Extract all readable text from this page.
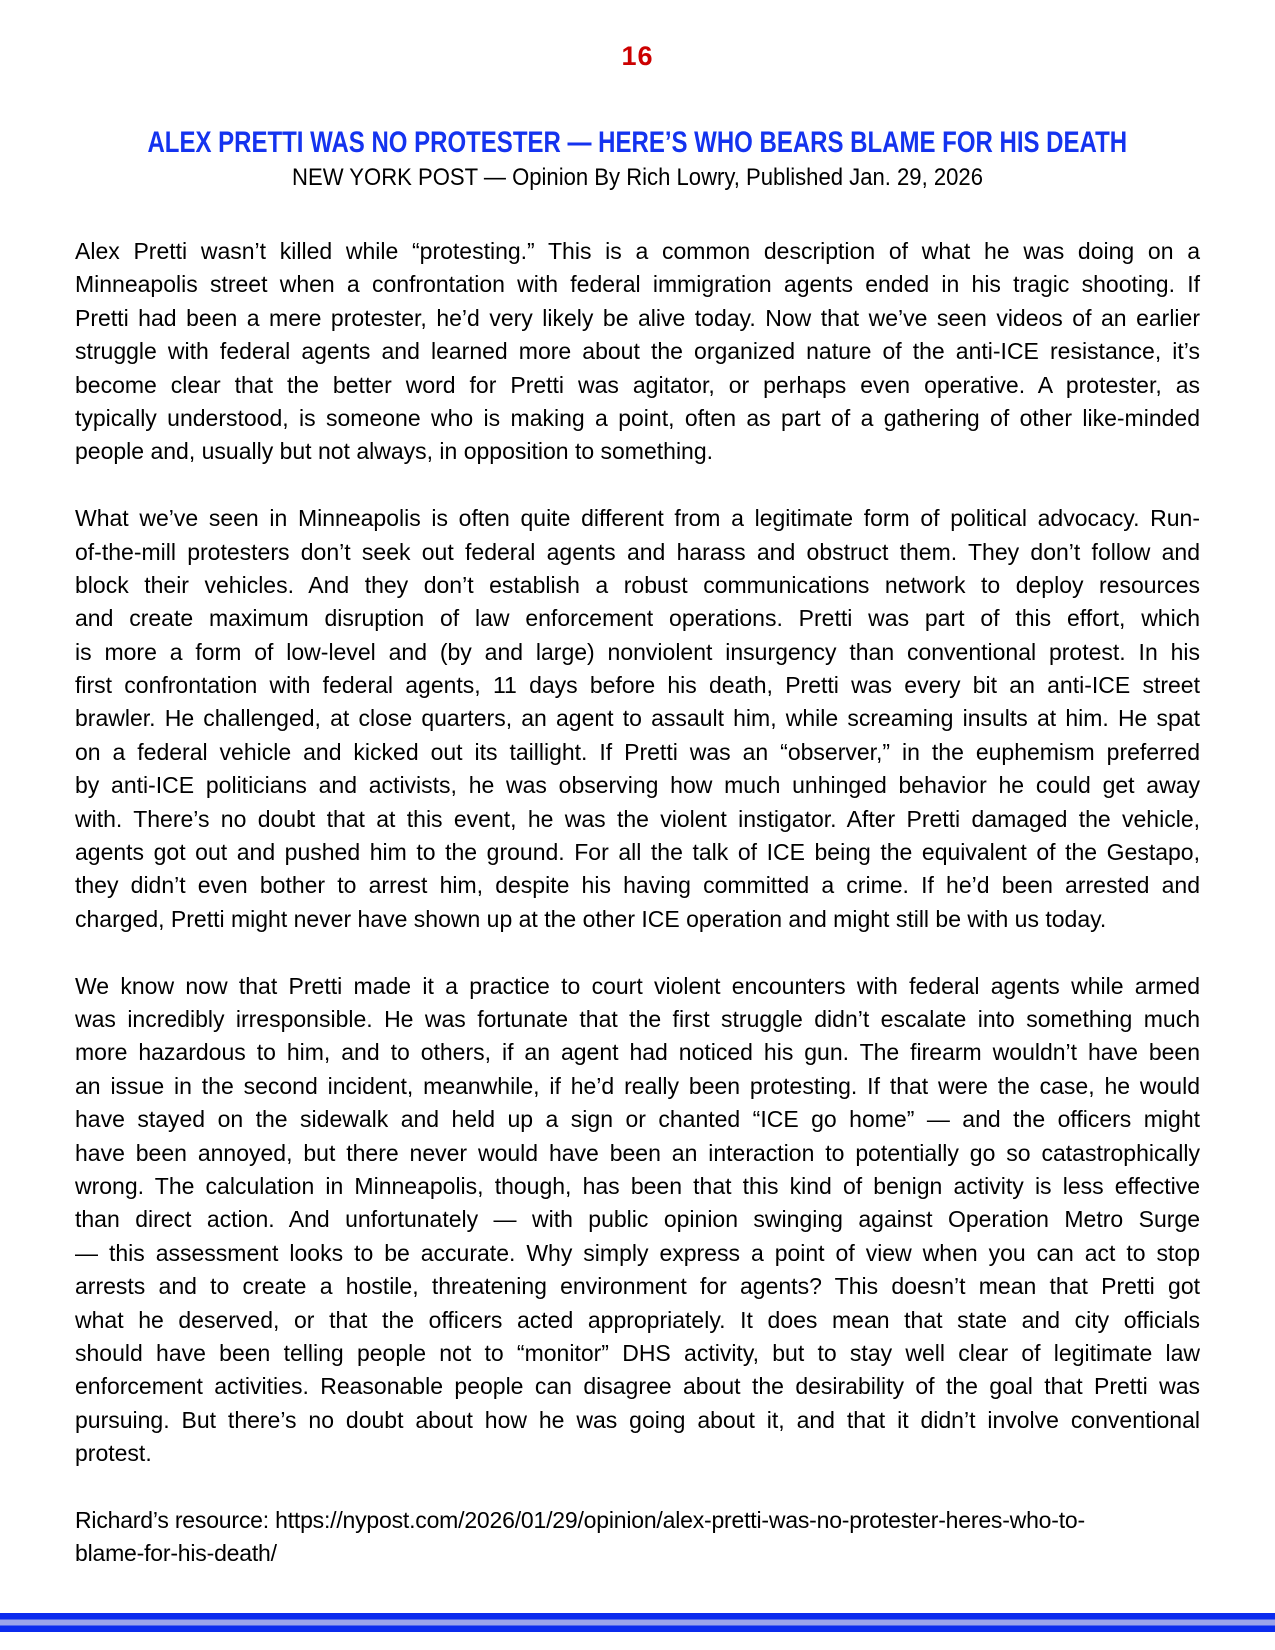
16
ALEX PRETTI WAS NO PROTESTER — HERE’S WHO BEARS BLAME FOR HIS DEATH
NEW YORK POST — Opinion By Rich Lowry, Published Jan. 29, 2026
Alex Pretti wasn’t killed while “protesting.” This is a common description of what he was doing on a
Minneapolis street when a confrontation with federal immigration agents ended in his tragic shooting. If
Pretti had been a mere protester, he’d very likely be alive today. Now that we’ve seen videos of an earlier
struggle with federal agents and learned more about the organized nature of the anti-ICE resistance, it’s
become clear that the better word for Pretti was agitator, or perhaps even operative. A protester, as
typically understood, is someone who is making a point, often as part of a gathering of other like-minded
people and, usually but not always, in opposition to something.
What we’ve seen in Minneapolis is often quite different from a legitimate form of political advocacy. Run-
of-the-mill protesters don’t seek out federal agents and harass and obstruct them. They don’t follow and
block their vehicles. And they don’t establish a robust communications network to deploy resources
and create maximum disruption of law enforcement operations. Pretti was part of this effort, which
is more a form of low-level and (by and large) nonviolent insurgency than conventional protest. In his
first confrontation with federal agents, 11 days before his death, Pretti was every bit an anti-ICE street
brawler. He challenged, at close quarters, an agent to assault him, while screaming insults at him. He spat
on a federal vehicle and kicked out its taillight. If Pretti was an “observer,” in the euphemism preferred
by anti-ICE politicians and activists, he was observing how much unhinged behavior he could get away
with. There’s no doubt that at this event, he was the violent instigator. After Pretti damaged the vehicle,
agents got out and pushed him to the ground. For all the talk of ICE being the equivalent of the Gestapo,
they didn’t even bother to arrest him, despite his having committed a crime. If he’d been arrested and
charged, Pretti might never have shown up at the other ICE operation and might still be with us today.
We know now that Pretti made it a practice to court violent encounters with federal agents while armed
was incredibly irresponsible. He was fortunate that the first struggle didn’t escalate into something much
more hazardous to him, and to others, if an agent had noticed his gun. The firearm wouldn’t have been
an issue in the second incident, meanwhile, if he’d really been protesting. If that were the case, he would
have stayed on the sidewalk and held up a sign or chanted “ICE go home” — and the officers might
have been annoyed, but there never would have been an interaction to potentially go so catastrophically
wrong. The calculation in Minneapolis, though, has been that this kind of benign activity is less effective
than direct action. And unfortunately — with public opinion swinging against Operation Metro Surge
— this assessment looks to be accurate. Why simply express a point of view when you can act to stop
arrests and to create a hostile, threatening environment for agents? This doesn’t mean that Pretti got
what he deserved, or that the officers acted appropriately. It does mean that state and city officials
should have been telling people not to “monitor” DHS activity, but to stay well clear of legitimate law
enforcement activities. Reasonable people can disagree about the desirability of the goal that Pretti was
pursuing. But there’s no doubt about how he was going about it, and that it didn’t involve conventional
protest.
Richard’s resource: https://nypost.com/2026/01/29/opinion/alex-pretti-was-no-protester-heres-who-to-
blame-for-his-death/
